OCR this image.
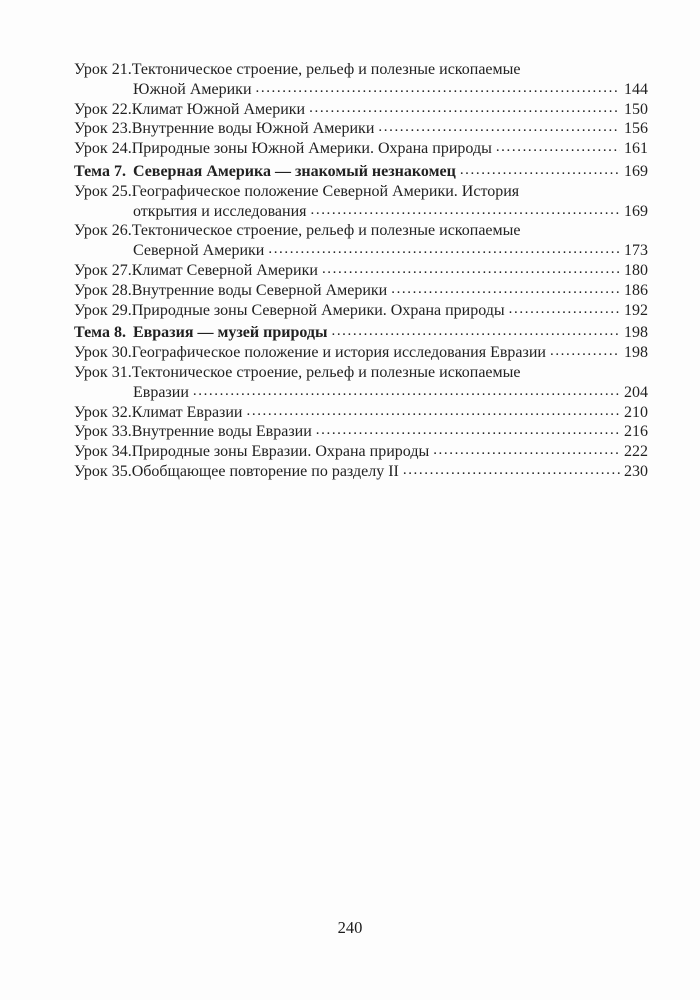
Урок 21. Тектоническое строение, рельеф и полезные ископаемые
Южной Америки .....	144
Урок 22. Климат Южной Америки .....	150
Урок 23. Внутренние воды Южной Америки .....	156
Урок 24. Природные зоны Южной Америки. Охрана природы .....	161
Тема 7. Северная Америка — знакомый незнакомец .....	169
Урок 25. Географическое положение Северной Америки. История
открытия и исследования .....	169
Урок 26. Тектоническое строение, рельеф и полезные ископаемые
Северной Америки .....	173
Урок 27. Климат Северной Америки .....	180
Урок 28. Внутренние воды Северной Америки .....	186
Урок 29. Природные зоны Северной Америки. Охрана природы .....	192
Тема 8. Евразия — музей природы .....	198
Урок 30. Географическое положение и история исследования Евразии .....	198
Урок 31. Тектоническое строение, рельеф и полезные ископаемые
Евразии .....	204
Урок 32. Климат Евразии .....	210
Урок 33. Внутренние воды Евразии .....	216
Урок 34. Природные зоны Евразии. Охрана природы .....	222
Урок 35. Обобщающее повторение по разделу II .....	230
240
